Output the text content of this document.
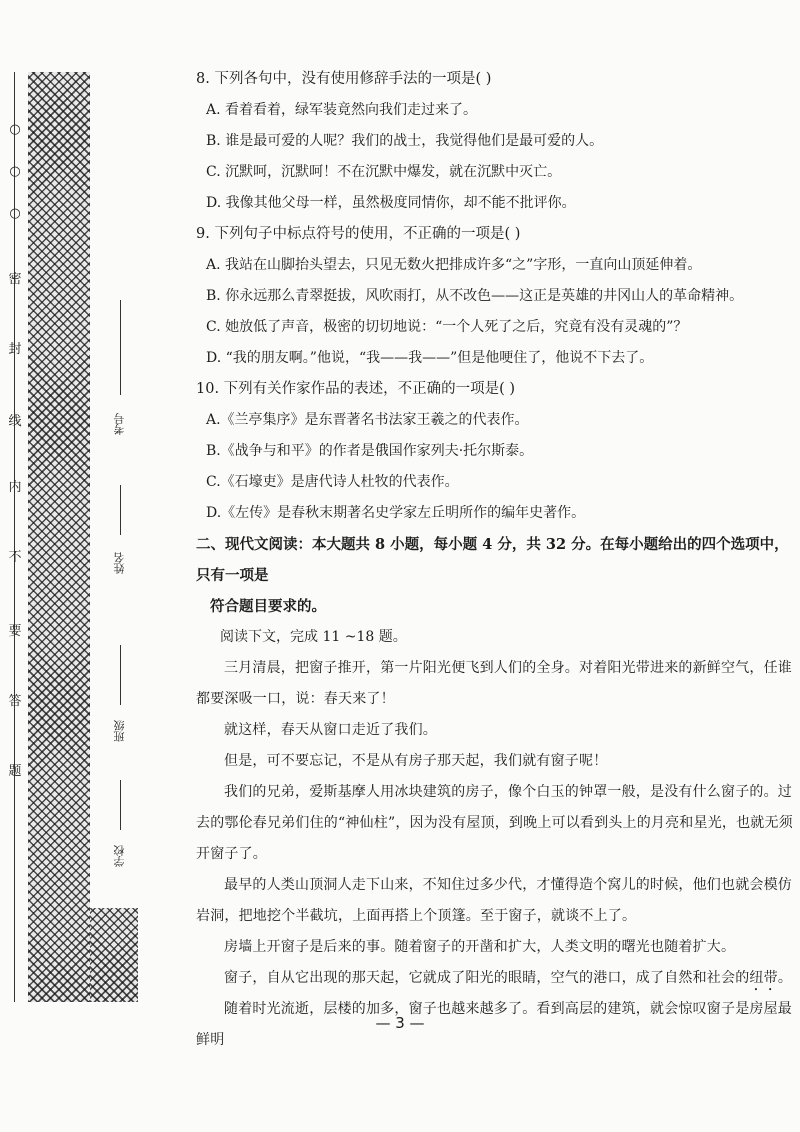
○
○
○
密
封
线
内
不
要
答
题
考号
姓名
班级
学校
8. 下列各句中，没有使用修辞手法的一项是( )
A. 看着看着，绿军装竟然向我们走过来了。
B. 谁是最可爱的人呢？我们的战士，我觉得他们是最可爱的人。
C. 沉默呵，沉默呵！不在沉默中爆发，就在沉默中灭亡。
D. 我像其他父母一样，虽然极度同情你，却不能不批评你。
9. 下列句子中标点符号的使用，不正确的一项是( )
A. 我站在山脚抬头望去，只见无数火把排成许多“之”字形，一直向山顶延伸着。
B. 你永远那么青翠挺拔，风吹雨打，从不改色——这正是英雄的井冈山人的革命精神。
C. 她放低了声音，极密的切切地说：“一个人死了之后，究竟有没有灵魂的”？
D. “我的朋友啊。”他说，“我——我——”但是他哽住了，他说不下去了。
10. 下列有关作家作品的表述，不正确的一项是( )
A.《兰亭集序》是东晋著名书法家王羲之的代表作。
B.《战争与和平》的作者是俄国作家列夫·托尔斯泰。
C.《石壕吏》是唐代诗人杜牧的代表作。
D.《左传》是春秋末期著名史学家左丘明所作的编年史著作。
二、现代文阅读：本大题共 8 小题，每小题 4 分，共 32 分。在每小题给出的四个选项中，只有一项是
符合题目要求的。
阅读下文，完成 11 ~18 题。
三月清晨，把窗子推开，第一片阳光便飞到人们的全身。对着阳光带进来的新鲜空气，任谁都要深吸一口，说：春天来了！
就这样，春天从窗口走近了我们。
但是，可不要忘记，不是从有房子那天起，我们就有窗子呢！
我们的兄弟，爱斯基摩人用冰块建筑的房子，像个白玉的钟罩一般，是没有什么窗子的。过去的鄂伦春兄弟们住的“神仙柱”，因为没有屋顶，到晚上可以看到头上的月亮和星光，也就无须开窗子了。
最早的人类山顶洞人走下山来，不知住过多少代，才懂得造个窝儿的时候，他们也就会模仿岩洞，把地挖个半截坑，上面再搭上个顶篷。至于窗子，就谈不上了。
房墙上开窗子是后来的事。随着窗子的开凿和扩大，人类文明的曙光也随着扩大。
窗子，自从它出现的那天起，它就成了阳光的眼睛，空气的港口，成了自然和社会的纽带。
随着时光流逝，层楼的加多，窗子也越来越多了。看到高层的建筑，就会惊叹窗子是房屋最鲜明
— 3 —
